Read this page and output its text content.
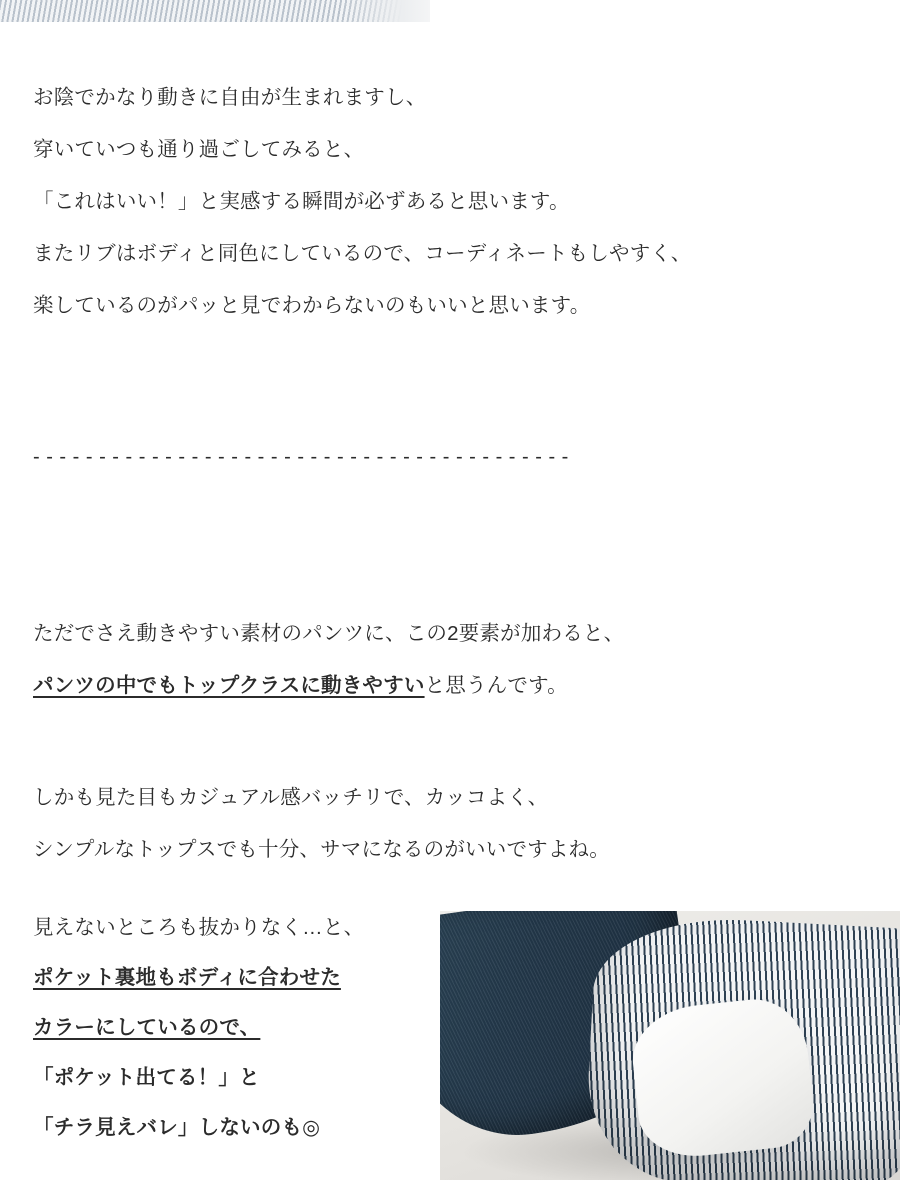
お陰でかなり動きに自由が生まれますし、
穿いていつも通り過ごしてみると、
「これはいい！」と実感する瞬間が必ずあると思います。
またリブはボディと同色にしているので、コーディネートもしやすく、
楽しているのがパッと見でわからないのもいいと思います。
- - - - - - - - - - - - - - - - - - - - - - - - - - - - - - - - - - - - - - - - -
ただでさえ動きやすい素材のパンツに、この2要素が加わると、
パンツの中でもトップクラスに動きやすいと思うんです。
しかも見た目もカジュアル感バッチリで、カッコよく、
シンプルなトップスでも十分、サマになるのがいいですよね。
見えないところも抜かりなく…と、
ポケット裏地もボディに合わせた
カラーにしているので、
「ポケット出てる！」と
「チラ見えバレ」しないのも◎
